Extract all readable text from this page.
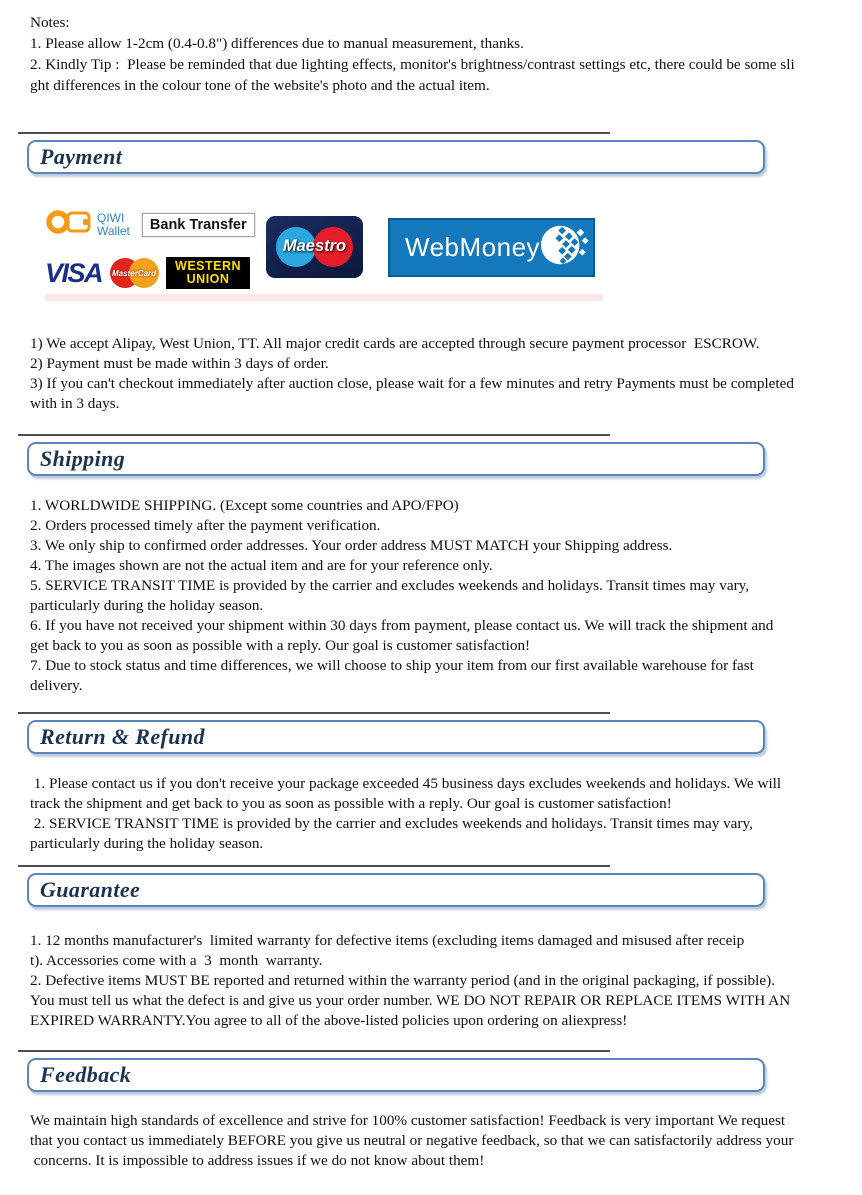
Notes:
1. Please allow 1-2cm (0.4-0.8") differences due to manual measurement, thanks.
2. Kindly Tip :  Please be reminded that due lighting effects, monitor's brightness/contrast settings etc, there could be some sli
ght differences in the colour tone of the website's photo and the actual item.
Payment
QIWI
Wallet	Bank Transfer
VISA	MasterCard
WESTERN
UNION
Maestro	WebMoney
1) We accept Alipay, West Union, TT. All major credit cards are accepted through secure payment processor  ESCROW.
2) Payment must be made within 3 days of order.
3) If you can't checkout immediately after auction close, please wait for a few minutes and retry Payments must be completed
with in 3 days.
Shipping
1. WORLDWIDE SHIPPING. (Except some countries and APO/FPO)
2. Orders processed timely after the payment verification.
3. We only ship to confirmed order addresses. Your order address MUST MATCH your Shipping address.
4. The images shown are not the actual item and are for your reference only.
5. SERVICE TRANSIT TIME is provided by the carrier and excludes weekends and holidays. Transit times may vary,
particularly during the holiday season.
6. If you have not received your shipment within 30 days from payment, please contact us. We will track the shipment and
get back to you as soon as possible with a reply. Our goal is customer satisfaction!
7. Due to stock status and time differences, we will choose to ship your item from our first available warehouse for fast
delivery.
Return & Refund
1. Please contact us if you don't receive your package exceeded 45 business days excludes weekends and holidays. We will
track the shipment and get back to you as soon as possible with a reply. Our goal is customer satisfaction!
2. SERVICE TRANSIT TIME is provided by the carrier and excludes weekends and holidays. Transit times may vary,
particularly during the holiday season.
Guarantee
1. 12 months manufacturer's  limited warranty for defective items (excluding items damaged and misused after receip
t). Accessories come with a  3  month  warranty.
2. Defective items MUST BE reported and returned within the warranty period (and in the original packaging, if possible).
You must tell us what the defect is and give us your order number. WE DO NOT REPAIR OR REPLACE ITEMS WITH AN
EXPIRED WARRANTY.You agree to all of the above-listed policies upon ordering on aliexpress!
Feedback
We maintain high standards of excellence and strive for 100% customer satisfaction! Feedback is very important We request
that you contact us immediately BEFORE you give us neutral or negative feedback, so that we can satisfactorily address your
concerns. It is impossible to address issues if we do not know about them!
